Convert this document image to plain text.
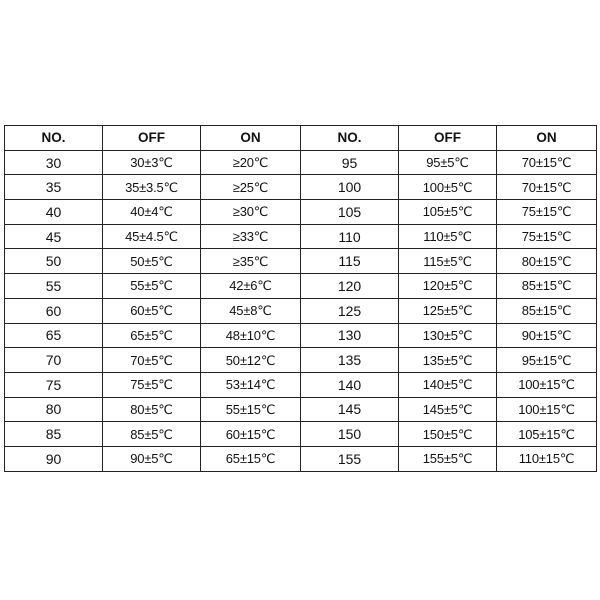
NO.	OFF	ON	NO.	OFF	ON
30	30±3℃	≥20℃	95	95±5℃	70±15℃
35	35±3.5℃	≥25℃	100	100±5℃	70±15℃
40	40±4℃	≥30℃	105	105±5℃	75±15℃
45	45±4.5℃	≥33℃	110	110±5℃	75±15℃
50	50±5℃	≥35℃	115	115±5℃	80±15℃
55	55±5℃	42±6℃	120	120±5℃	85±15℃
60	60±5℃	45±8℃	125	125±5℃	85±15℃
65	65±5℃	48±10℃	130	130±5℃	90±15℃
70	70±5℃	50±12℃	135	135±5℃	95±15℃
75	75±5℃	53±14℃	140	140±5℃	100±15℃
80	80±5℃	55±15℃	145	145±5℃	100±15℃
85	85±5℃	60±15℃	150	150±5℃	105±15℃
90	90±5℃	65±15℃	155	155±5℃	110±15℃
